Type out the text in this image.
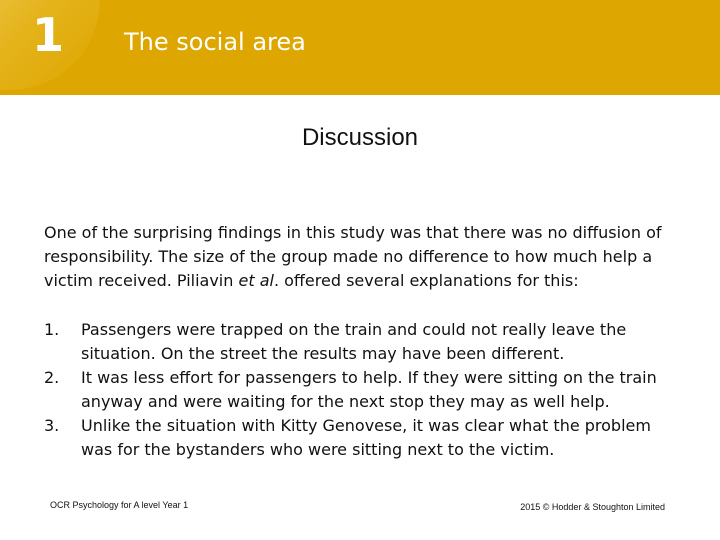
1 The social area
Discussion

One of the surprising findings in this study was that there was no diffusion of responsibility. The size of the group made no difference to how much help a victim received. Piliavin et al. offered several explanations for this:

1. Passengers were trapped on the train and could not really leave the situation. On the street the results may have been different.
2. It was less effort for passengers to help. If they were sitting on the train anyway and were waiting for the next stop they may as well help.
3. Unlike the situation with Kitty Genovese, it was clear what the problem was for the bystanders who were sitting next to the victim.
OCR Psychology for A level Year 1	2015 © Hodder & Stoughton Limited
